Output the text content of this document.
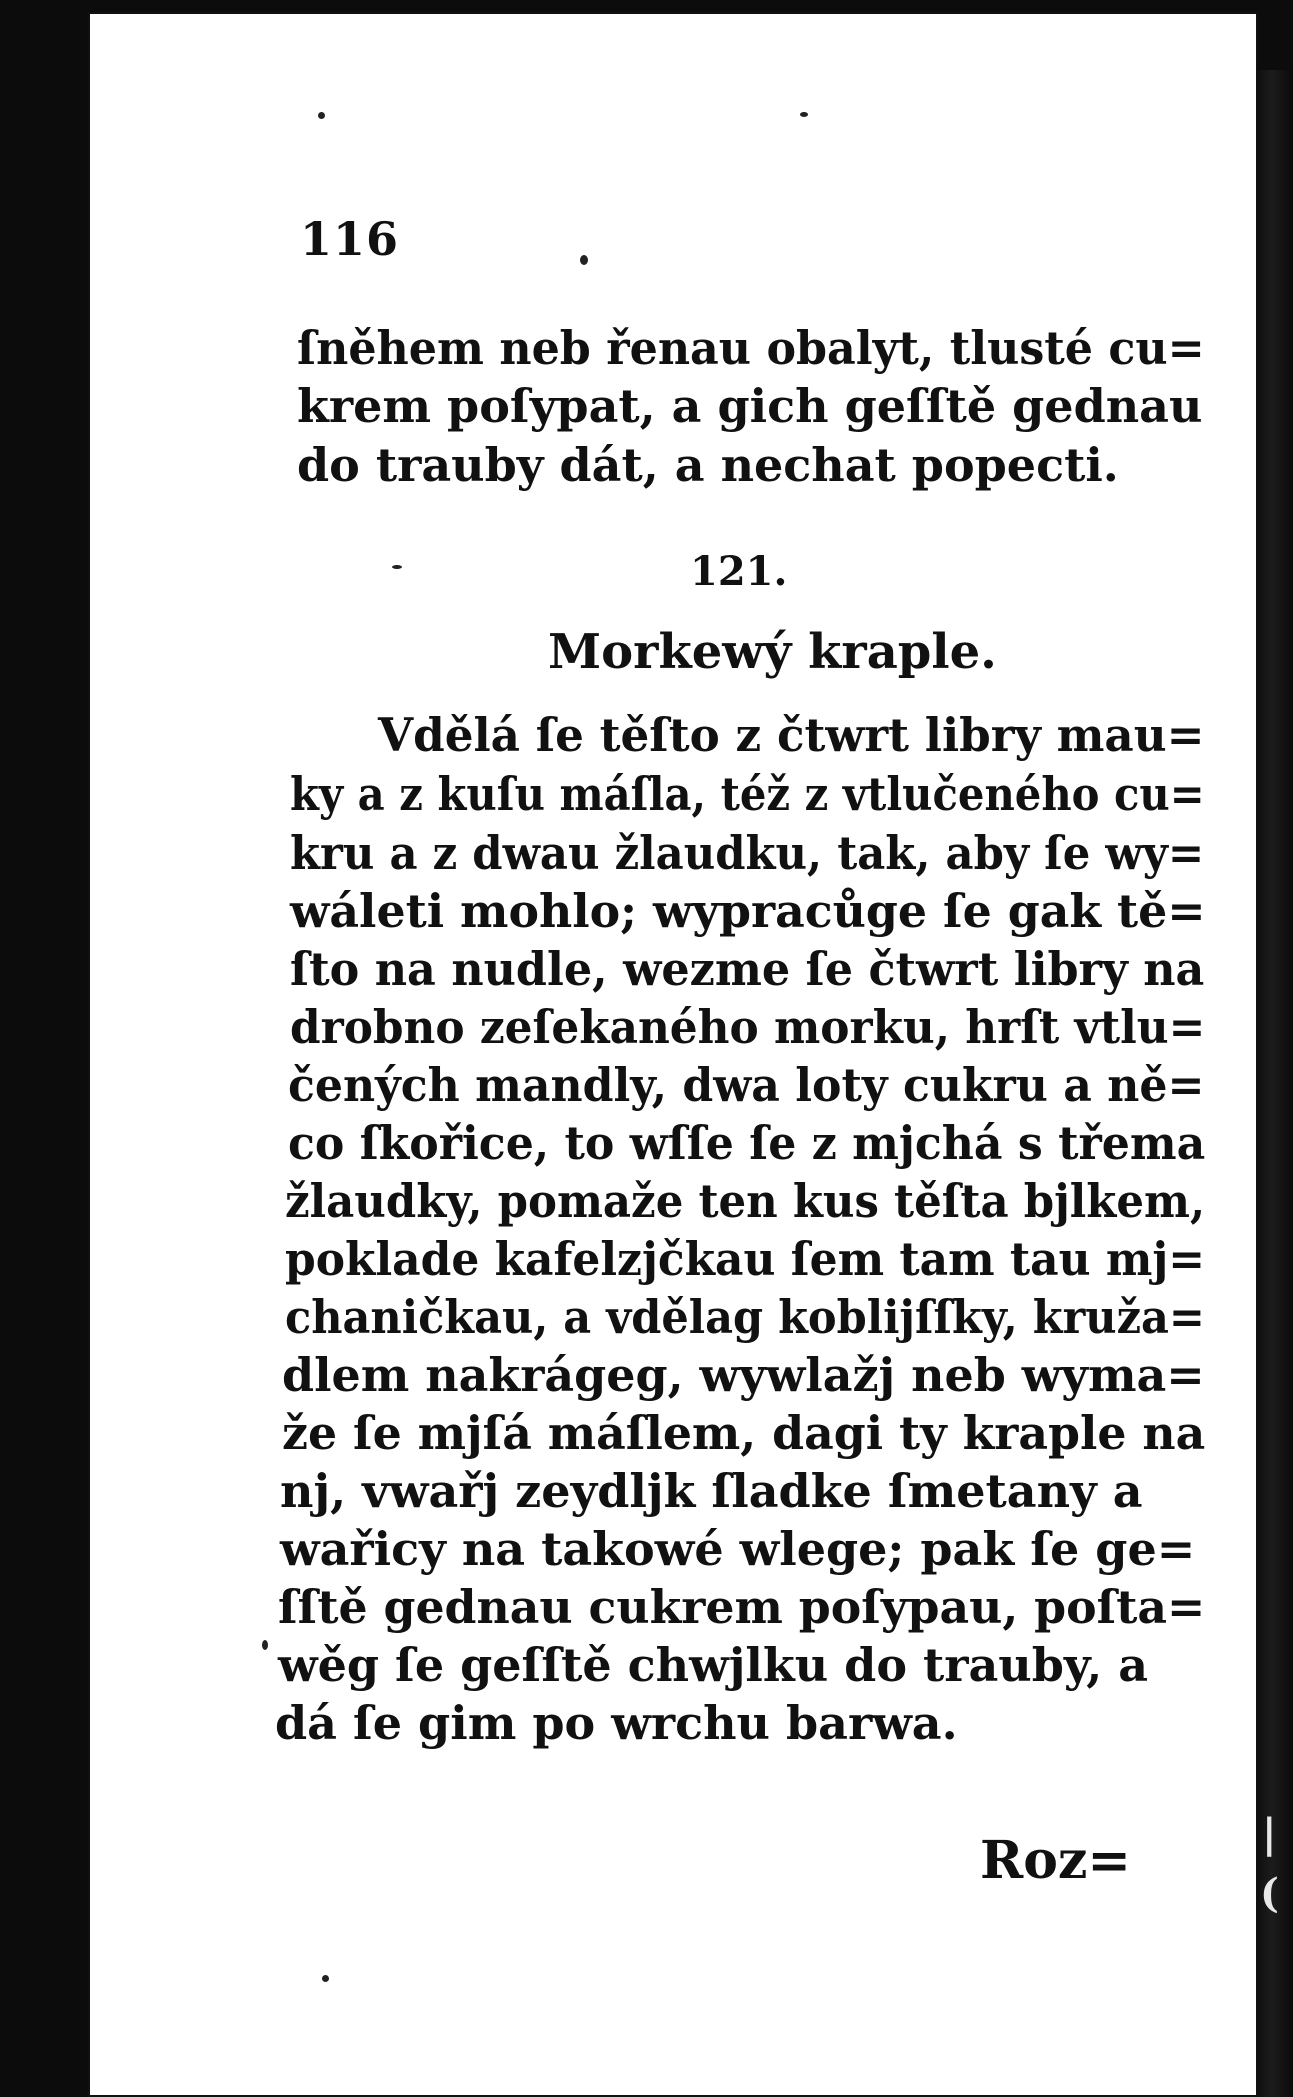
|
(
116
ſněhem neb řenau obalyt, tlusté cu=
krem poſypat, a gich geſſtě gednau
do trauby dát, a nechat popecti.
121.
Morkewý kraple.
Vdělá ſe těſto z čtwrt libry mau=
ky a z kuſu máſla, též z vtlučeného cu=
kru a z dwau žlaudku, tak, aby ſe wy=
wáleti mohlo; wypracůge ſe gak tě=
ſto na nudle, wezme ſe čtwrt libry na
drobno zeſekaného morku, hrſt vtlu=
čených mandly, dwa loty cukru a ně=
co ſkořice, to wſſe ſe z mjchá s třema
žlaudky, pomaže ten kus těſta bjlkem,
poklade kafelzjčkau ſem tam tau mj=
chaničkau, a vdělag koblijſſky, kruža=
dlem nakrágeg, wywlažj neb wyma=
že ſe mjſá máſlem, dagi ty kraple na
nj, vwařj zeydljk ſladke ſmetany a
wařicy na takowé wlege; pak ſe ge=
ſſtě gednau cukrem poſypau, poſta=
wěg ſe geſſtě chwjlku do trauby, a
dá ſe gim po wrchu barwa.
Roz=
